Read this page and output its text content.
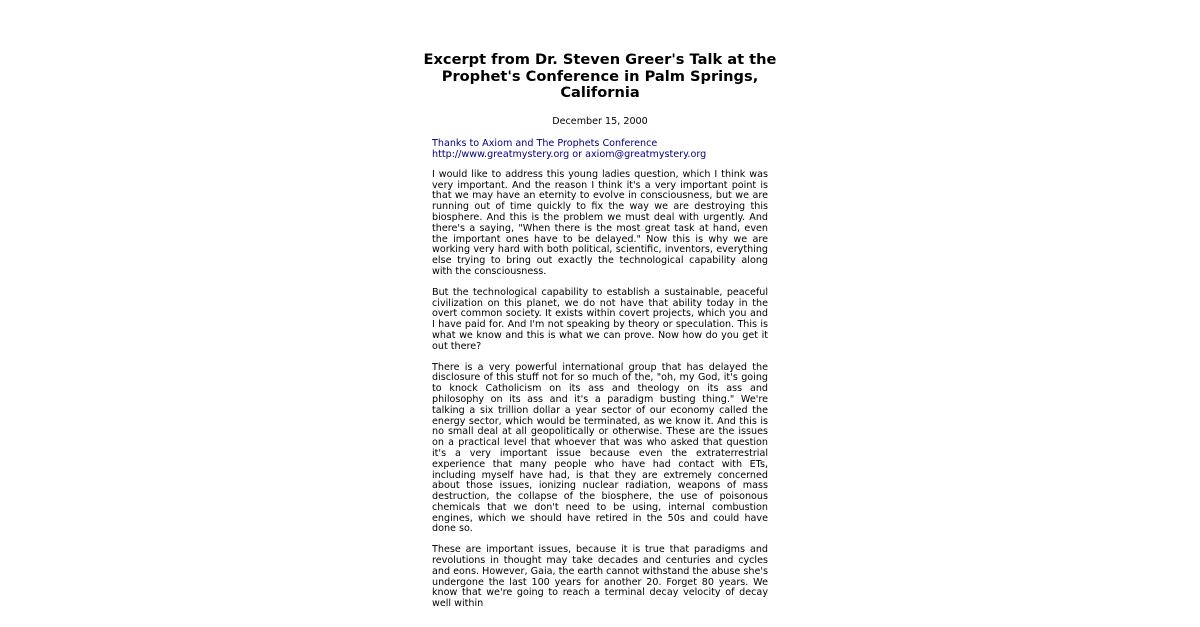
Excerpt from Dr. Steven Greer's Talk at the Prophet's Conference in Palm Springs, California

December 15, 2000

Thanks to Axiom and The Prophets Conference
http://www.greatmystery.org or axiom@greatmystery.org

I would like to address this young ladies question, which I think was very important. And the reason I think it's a very important point is that we may have an eternity to evolve in consciousness, but we are running out of time quickly to fix the way we are destroying this biosphere. And this is the problem we must deal with urgently. And there's a saying, "When there is the most great task at hand, even the important ones have to be delayed." Now this is why we are working very hard with both political, scientific, inventors, everything else trying to bring out exactly the technological capability along with the consciousness.

But the technological capability to establish a sustainable, peaceful civilization on this planet, we do not have that ability today in the overt common society. It exists within covert projects, which you and I have paid for. And I'm not speaking by theory or speculation. This is what we know and this is what we can prove. Now how do you get it out there?

There is a very powerful international group that has delayed the disclosure of this stuff not for so much of the, "oh, my God, it's going to knock Catholicism on its ass and theology on its ass and philosophy on its ass and it's a paradigm busting thing." We're talking a six trillion dollar a year sector of our economy called the energy sector, which would be terminated, as we know it. And this is no small deal at all geopolitically or otherwise. These are the issues on a practical level that whoever that was who asked that question it's a very important issue because even the extraterrestrial experience that many people who have had contact with ETs, including myself have had, is that they are extremely concerned about those issues, ionizing nuclear radiation, weapons of mass destruction, the collapse of the biosphere, the use of poisonous chemicals that we don't need to be using, internal combustion engines, which we should have retired in the 50s and could have done so.

These are important issues, because it is true that paradigms and revolutions in thought may take decades and centuries and cycles and eons. However, Gaia, the earth cannot withstand the abuse she's undergone the last 100 years for another 20. Forget 80 years. We know that we're going to reach a terminal decay velocity of decay well within
